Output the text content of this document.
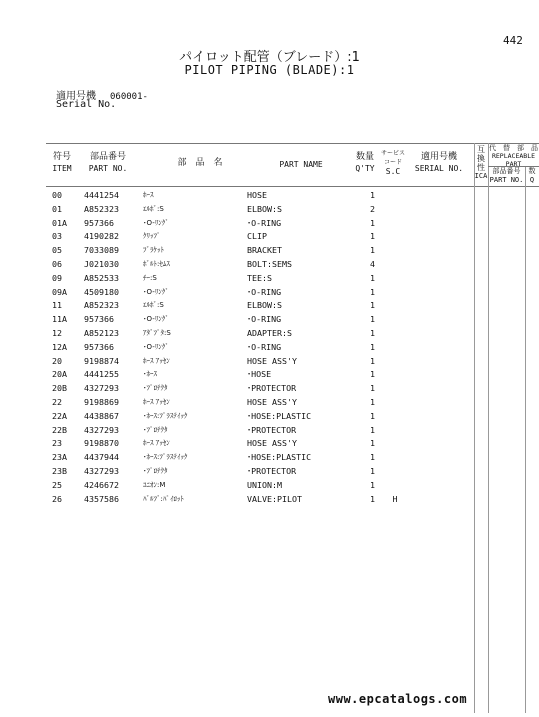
442
パイロット配管（ブレード）:1
PILOT PIPING (BLADE):1
適用号機
Serial No.
060001-
符号
ITEM
部品番号
PART NO.
部　品　名	PART NAME
数量
Q'TY
サービス
コード
S.C
適用号機
SERIAL NO.
互
換
性
ICA
代　替　部　品
REPLACEABLE
PART
部品番号
PART NO.
数
Q
00	4441254	ﾎｰｽ	HOSE	1
01	A852323	ｴﾙﾎﾞ:S	ELBOW:S	2
01A 957366	･O-ﾘﾝｸﾞ	･O-RING	1
03	4190282	ｸﾘｯﾌﾟ	CLIP	1
05	7033089	ﾌﾞﾗｹｯﾄ	BRACKET	1
06	J021030	ﾎﾞﾙﾄ:ｾﾑｽ	BOLT:SEMS	4
09	A852533	ﾁｰ:S	TEE:S	1
09A 4509180	･O-ﾘﾝｸﾞ	･O-RING	1
11	A852323	ｴﾙﾎﾞ:S	ELBOW:S	1
11A 957366	･O-ﾘﾝｸﾞ	･O-RING	1
12	A852123	ｱﾀﾞﾌﾟﾀ:S	ADAPTER:S	1
12A 957366	･O-ﾘﾝｸﾞ	･O-RING	1
20	9198874	ﾎｰｽ ｱｯｾﾝ	HOSE ASS'Y	1
20A 4441255	･ﾎｰｽ	･HOSE	1
20B 4327293	･ﾌﾟﾛﾃｸﾀ	･PROTECTOR	1
22	9198869	ﾎｰｽ ｱｯｾﾝ	HOSE ASS'Y	1
22A 4438867	･ﾎｰｽ:ﾌﾟﾗｽﾃｲｯｸ	･HOSE:PLASTIC	1
22B 4327293	･ﾌﾟﾛﾃｸﾀ	･PROTECTOR	1
23	9198870	ﾎｰｽ ｱｯｾﾝ	HOSE ASS'Y	1
23A 4437944	･ﾎｰｽ:ﾌﾟﾗｽﾃｲｯｸ	･HOSE:PLASTIC	1
23B 4327293	･ﾌﾟﾛﾃｸﾀ	･PROTECTOR	1
25	4246672	ﾕﾆｵﾝ:M	UNION:M	1
26	4357586	ﾊﾞﾙﾌﾞ:ﾊﾟｲﾛｯﾄ	VALVE:PILOT	1	H
www.epcatalogs.com
